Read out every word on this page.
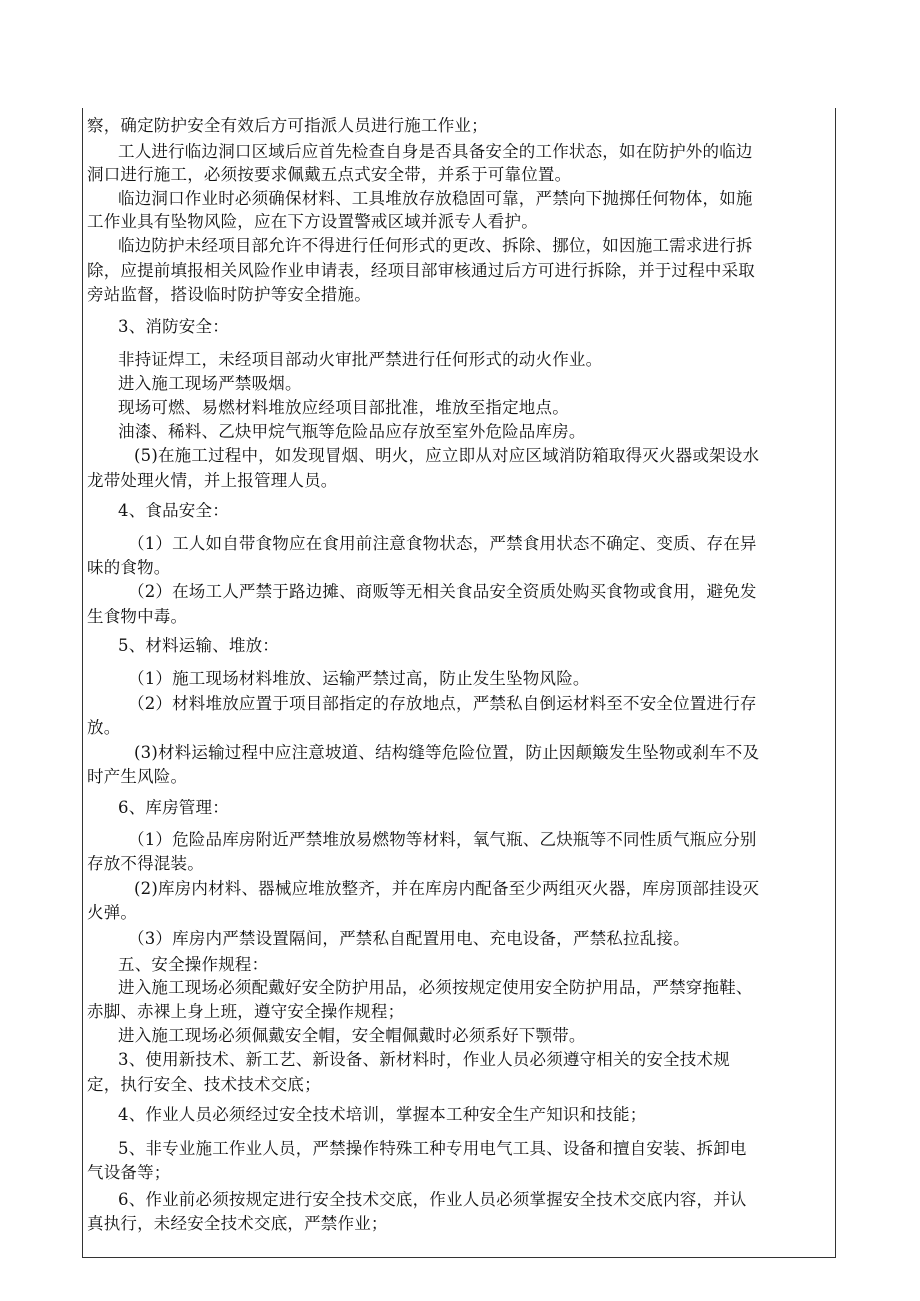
察，确定防护安全有效后方可指派人员进行施工作业；
工人进行临边洞口区域后应首先检查自身是否具备安全的工作状态，如在防护外的临边
洞口进行施工，必须按要求佩戴五点式安全带，并系于可靠位置。
临边洞口作业时必须确保材料、工具堆放存放稳固可靠，严禁向下抛掷任何物体，如施
工作业具有坠物风险，应在下方设置警戒区域并派专人看护。
临边防护未经项目部允许不得进行任何形式的更改、拆除、挪位，如因施工需求进行拆
除，应提前填报相关风险作业申请表，经项目部审核通过后方可进行拆除，并于过程中采取
旁站监督，搭设临时防护等安全措施。
3、消防安全：
非持证焊工，未经项目部动火审批严禁进行任何形式的动火作业。
进入施工现场严禁吸烟。
现场可燃、易燃材料堆放应经项目部批准，堆放至指定地点。
油漆、稀料、乙炔甲烷气瓶等危险品应存放至室外危险品库房。
(5)在施工过程中，如发现冒烟、明火，应立即从对应区域消防箱取得灭火器或架设水
龙带处理火情，并上报管理人员。
4、食品安全：
（1）工人如自带食物应在食用前注意食物状态，严禁食用状态不确定、变质、存在异
味的食物。
（2）在场工人严禁于路边摊、商贩等无相关食品安全资质处购买食物或食用，避免发
生食物中毒。
5、材料运输、堆放：
（1）施工现场材料堆放、运输严禁过高，防止发生坠物风险。
（2）材料堆放应置于项目部指定的存放地点，严禁私自倒运材料至不安全位置进行存
放。
(3)材料运输过程中应注意坡道、结构缝等危险位置，防止因颠簸发生坠物或刹车不及
时产生风险。
6、库房管理：
（1）危险品库房附近严禁堆放易燃物等材料，氧气瓶、乙炔瓶等不同性质气瓶应分别
存放不得混装。
(2)库房内材料、器械应堆放整齐，并在库房内配备至少两组灭火器，库房顶部挂设灭
火弹。
（3）库房内严禁设置隔间，严禁私自配置用电、充电设备，严禁私拉乱接。
五、安全操作规程：
进入施工现场必须配戴好安全防护用品，必须按规定使用安全防护用品，严禁穿拖鞋、
赤脚、赤裸上身上班，遵守安全操作规程；
进入施工现场必须佩戴安全帽，安全帽佩戴时必须系好下颚带。
3、使用新技术、新工艺、新设备、新材料时，作业人员必须遵守相关的安全技术规
定，执行安全、技术技术交底；
4、作业人员必须经过安全技术培训，掌握本工种安全生产知识和技能；
5、非专业施工作业人员，严禁操作特殊工种专用电气工具、设备和擅自安装、拆卸电
气设备等；
6、作业前必须按规定进行安全技术交底，作业人员必须掌握安全技术交底内容，并认
真执行，未经安全技术交底，严禁作业；
